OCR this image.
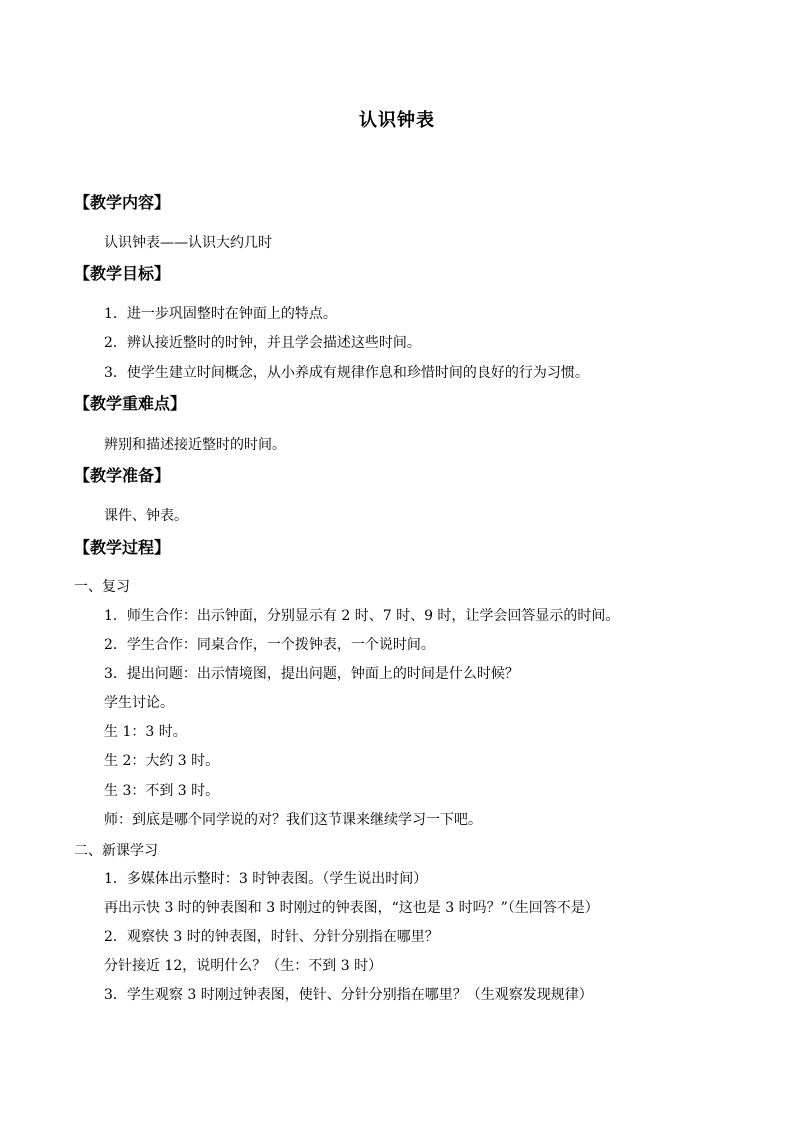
认识钟表
【教学内容】
认识钟表——认识大约几时
【教学目标】
1．进一步巩固整时在钟面上的特点。
2．辨认接近整时的时钟，并且学会描述这些时间。
3．使学生建立时间概念，从小养成有规律作息和珍惜时间的良好的行为习惯。
【教学重难点】
辨别和描述接近整时的时间。
【教学准备】
课件、钟表。
【教学过程】
一、复习
1．师生合作：出示钟面，分别显示有 2 时、7 时、9 时，让学会回答显示的时间。
2．学生合作：同桌合作，一个拨钟表，一个说时间。
3．提出问题：出示情境图，提出问题，钟面上的时间是什么时候？
学生讨论。
生 1：3 时。
生 2：大约 3 时。
生 3：不到 3 时。
师：到底是哪个同学说的对？我们这节课来继续学习一下吧。
二、新课学习
1．多媒体出示整时：3 时钟表图。（学生说出时间）
再出示快 3 时的钟表图和 3 时刚过的钟表图，“这也是 3 时吗？”（生回答不是）
2．观察快 3 时的钟表图，时针、分针分别指在哪里？
分针接近 12，说明什么？（生：不到 3 时）
3．学生观察 3 时刚过钟表图，使针、分针分别指在哪里？（生观察发现规律）
